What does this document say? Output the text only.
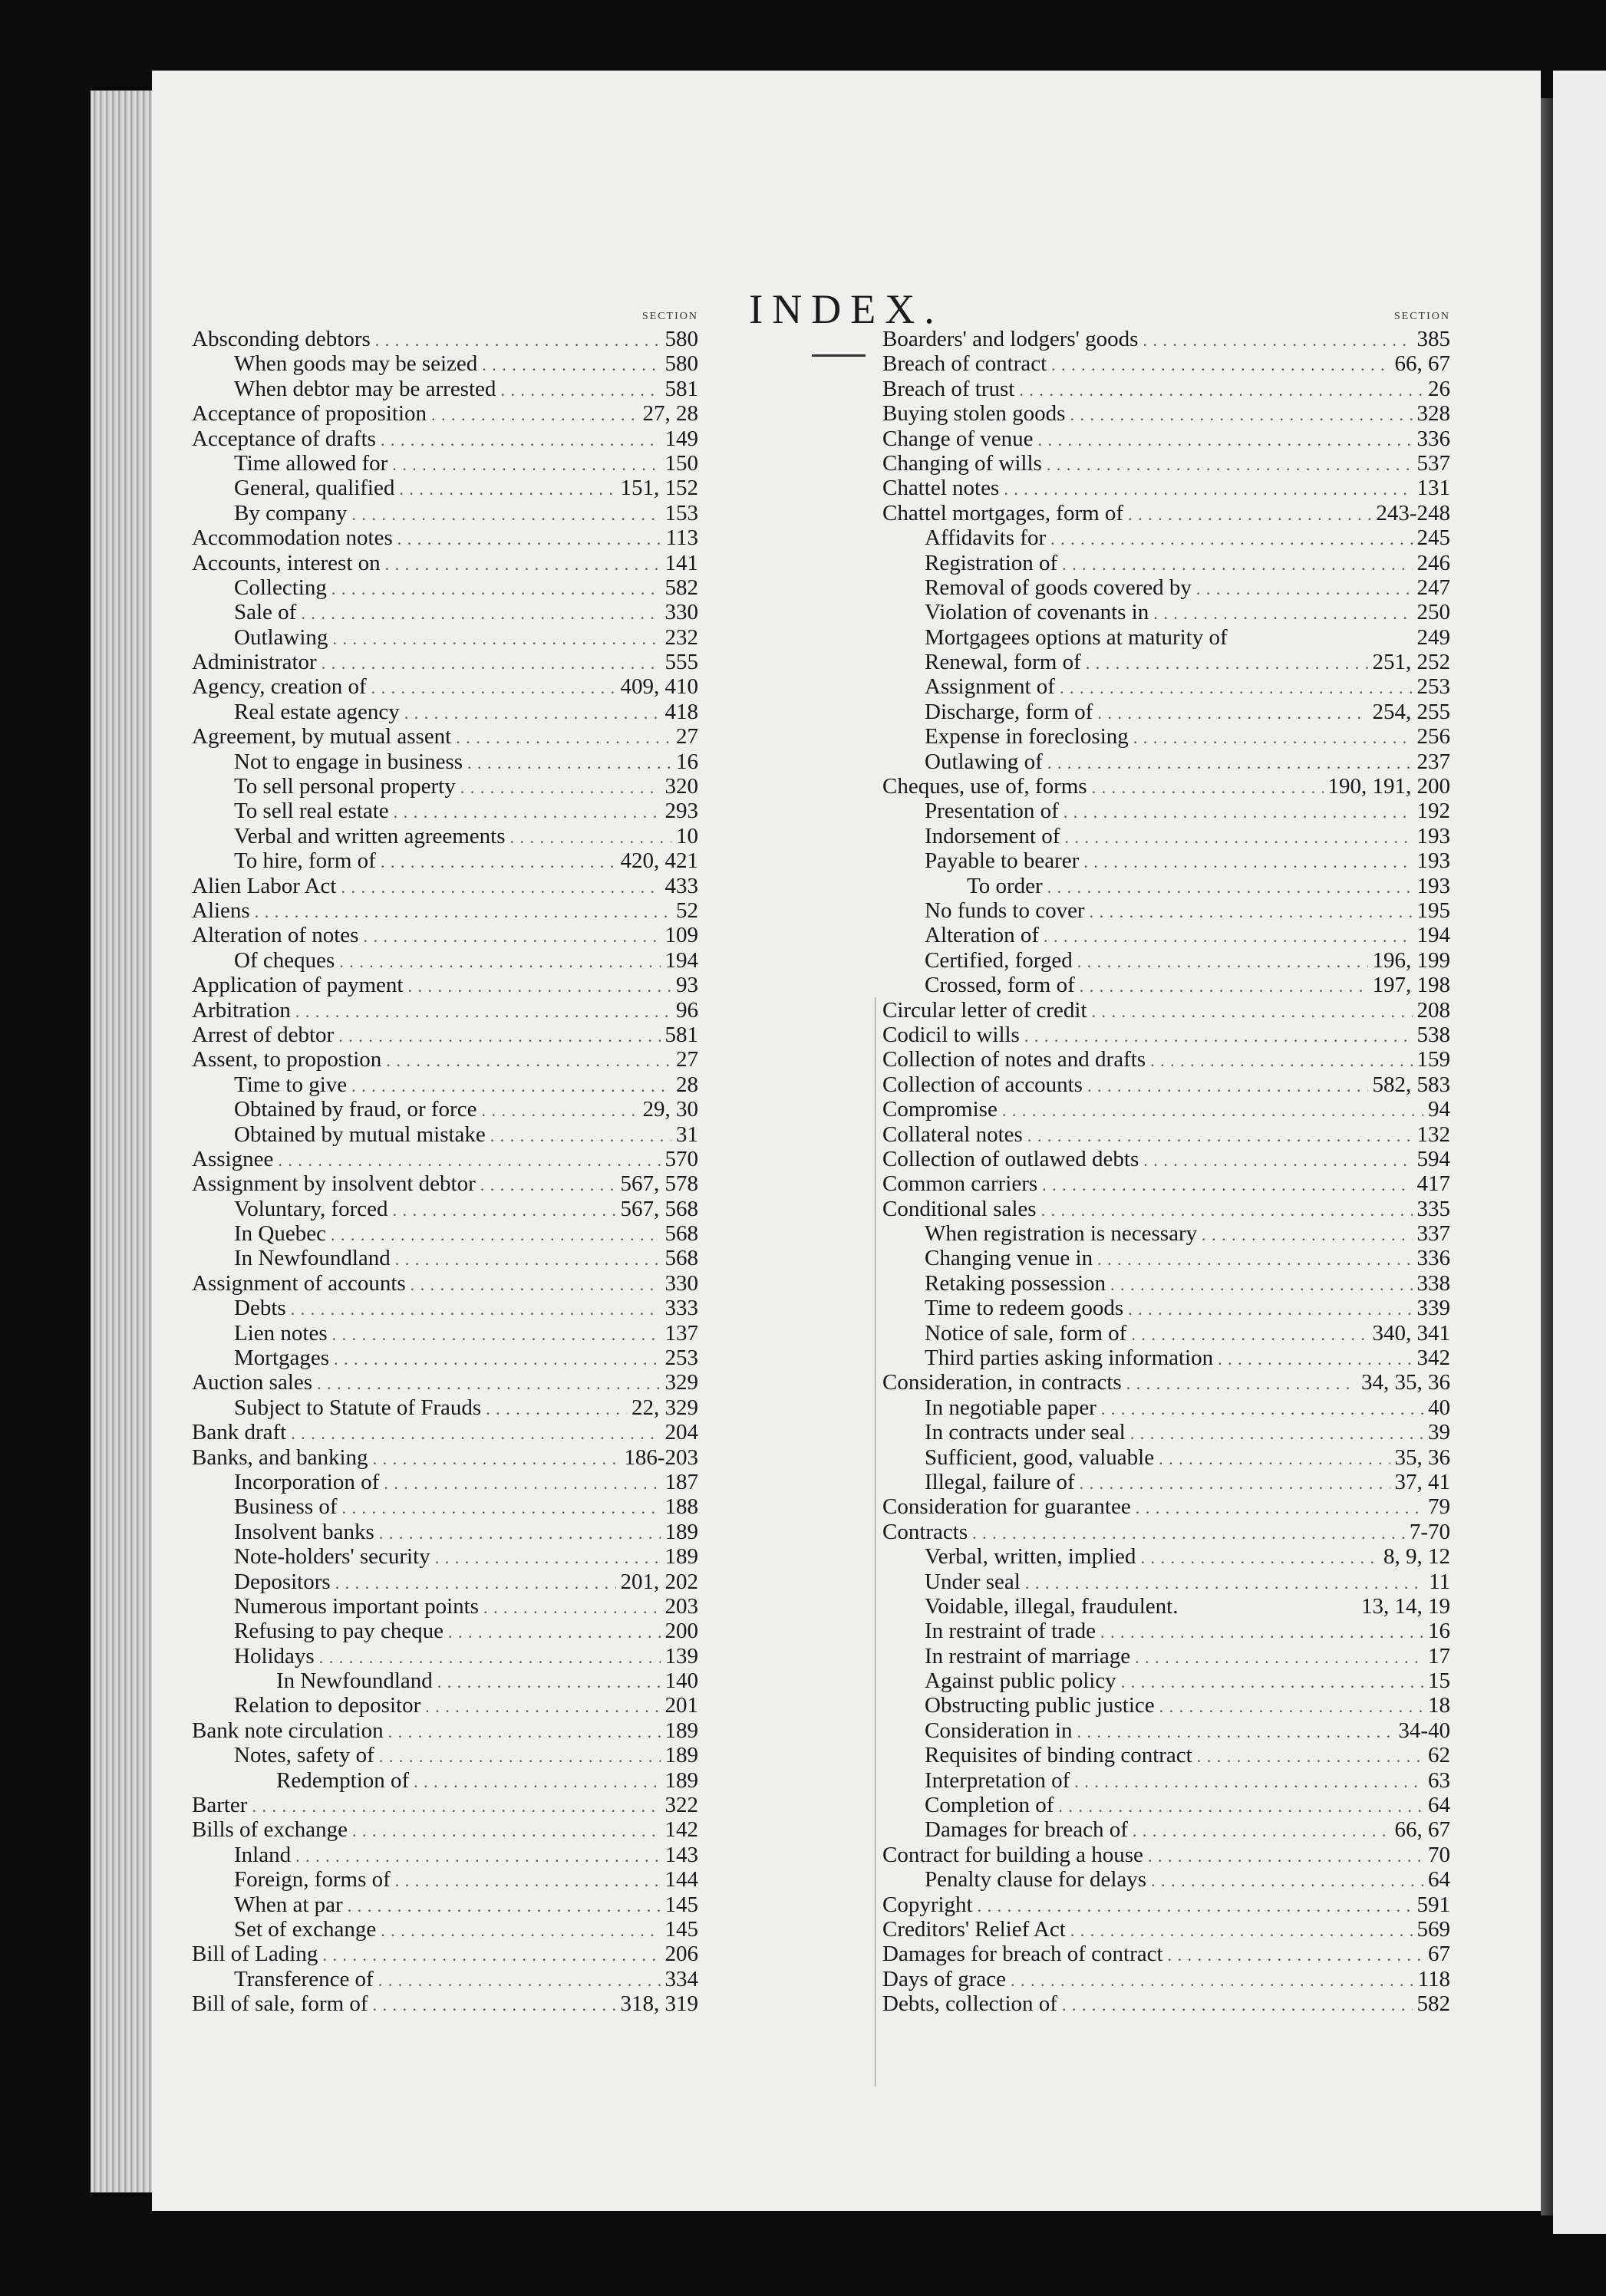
INDEX.
SECTION
Absconding debtors . . .	580
When goods may be seized . . .	580
When debtor may be arrested . . .	581
Acceptance of proposition . . .	27, 28
Acceptance of drafts . . .	149
Time allowed for . . .	150
General, qualified . . .	151, 152
By company . . .	153
Accommodation notes . . .	113
Accounts, interest on . . .	141
Collecting . . .	582
Sale of . . .	330
Outlawing . . .	232
Administrator . . .	555
Agency, creation of . . .	409, 410
Real estate agency . . .	418
Agreement, by mutual assent . . .	27
Not to engage in business . . .	16
To sell personal property . . .	320
To sell real estate . . .	293
Verbal and written agreements . . .	10
To hire, form of . . .	420, 421
Alien Labor Act . . .	433
Aliens . . .	52
Alteration of notes . . .	109
Of cheques . . .	194
Application of payment . . .	93
Arbitration . . .	96
Arrest of debtor . . .	581
Assent, to propostion . . .	27
Time to give . . .	28
Obtained by fraud, or force . . .	29, 30
Obtained by mutual mistake . . .	31
Assignee . . .	570
Assignment by insolvent debtor . . .	567, 578
Voluntary, forced . . .	567, 568
In Quebec . . .	568
In Newfoundland . . .	568
Assignment of accounts . . .	330
Debts . . .	333
Lien notes . . .	137
Mortgages . . .	253
Auction sales . . .	329
Subject to Statute of Frauds . . .	22, 329
Bank draft . . .	204
Banks, and banking . . .	186-203
Incorporation of . . .	187
Business of . . .	188
Insolvent banks . . .	189
Note-holders' security . . .	189
Depositors . . .	201, 202
Numerous important points . . .	203
Refusing to pay cheque . . .	200
Holidays . . .	139
In Newfoundland . . .	140
Relation to depositor . . .	201
Bank note circulation . . .	189
Notes, safety of . . .	189
Redemption of . . .	189
Barter . . .	322
Bills of exchange . . .	142
Inland . . .	143
Foreign, forms of . . .	144
When at par . . .	145
Set of exchange . . .	145
Bill of Lading . . .	206
Transference of . . .	334
Bill of sale, form of . . .	318, 319
SECTION
Boarders' and lodgers' goods . . .	385
Breach of contract . . .	66, 67
Breach of trust . . .	26
Buying stolen goods . . .	328
Change of venue . . .	336
Changing of wills . . .	537
Chattel notes . . .	131
Chattel mortgages, form of . . .	243-248
Affidavits for . . .	245
Registration of . . .	246
Removal of goods covered by . . .	247
Violation of covenants in . . .	250
Mortgagees options at maturity of	249
Renewal, form of . . .	251, 252
Assignment of . . .	253
Discharge, form of . . .	254, 255
Expense in foreclosing . . .	256
Outlawing of . . .	237
Cheques, use of, forms . . .	190, 191, 200
Presentation of . . .	192
Indorsement of . . .	193
Payable to bearer . . .	193
To order . . .	193
No funds to cover . . .	195
Alteration of . . .	194
Certified, forged . . .	196, 199
Crossed, form of . . .	197, 198
Circular letter of credit . . .	208
Codicil to wills . . .	538
Collection of notes and drafts . . .	159
Collection of accounts . . .	582, 583
Compromise . . .	94
Collateral notes . . .	132
Collection of outlawed debts . . .	594
Common carriers . . .	417
Conditional sales . . .	335
When registration is necessary . . .	337
Changing venue in . . .	336
Retaking possession . . .	338
Time to redeem goods . . .	339
Notice of sale, form of . . .	340, 341
Third parties asking information . . .	342
Consideration, in contracts . . .	34, 35, 36
In negotiable paper . . .	40
In contracts under seal . . .	39
Sufficient, good, valuable . . .	35, 36
Illegal, failure of . . .	37, 41
Consideration for guarantee . . .	79
Contracts . . .	7-70
Verbal, written, implied . . .	8, 9, 12
Under seal . . .	11
Voidable, illegal, fraudulent.	13, 14, 19
In restraint of trade . . .	16
In restraint of marriage . . .	17
Against public policy . . .	15
Obstructing public justice . . .	18
Consideration in . . .	34-40
Requisites of binding contract . . .	62
Interpretation of . . .	63
Completion of . . .	64
Damages for breach of . . .	66, 67
Contract for building a house . . .	70
Penalty clause for delays . . .	64
Copyright . . .	591
Creditors' Relief Act . . .	569
Damages for breach of contract . . .	67
Days of grace . . .	118
Debts, collection of . . .	582
